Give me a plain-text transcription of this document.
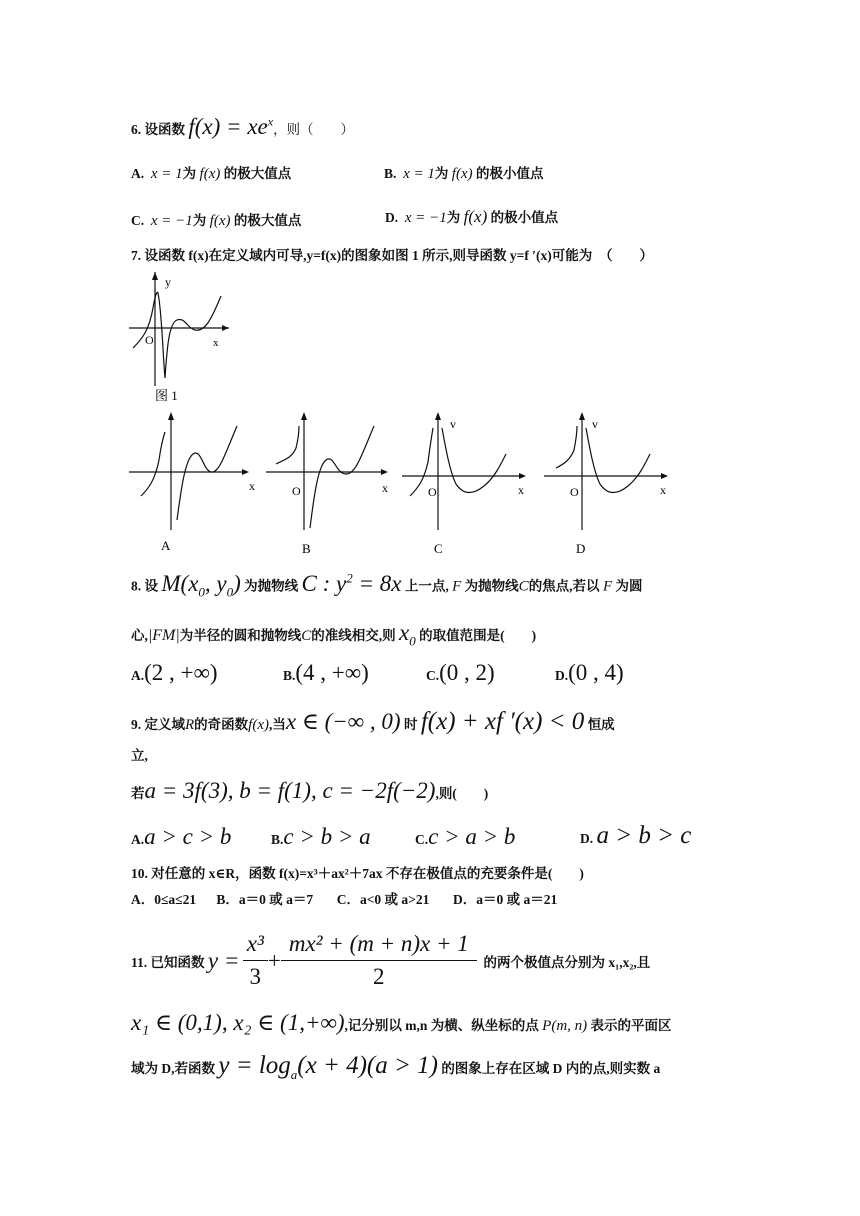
6. 设函数 $f(x) = xe^x$，则（　　）
A. x = 1为 f(x) 的极大值点	B. x = 1为 f(x) 的极小值点
C. x = −1为 f(x) 的极大值点	D. x = −1为 f(x) 的极小值点
7. 设函数 f(x)在定义域内可导,y=f(x)的图象如图 1 所示,则导函数 y=f ′(x)可能为　（　　）
y
O	x
图 1
x
A
O	x
B
v
O	x
C
v
O	x
D
8. 设 $M(x_0$, $y_0$) 为抛物线 C : $y^2 = 8x$ 上一点, F 为抛物线C的焦点,若以 F 为圆
心,|FM|为半径的圆和抛物线C的准线相交,则 $x_0$ 的取值范围是(　　)
A.(2 , +∞)	B.(4 , +∞)	C.(0 , 2)	D.(0 , 4)
9. 定义域R的奇函数f(x),当x ∈ (−∞ , 0) 时 f(x) + xf ′(x) < 0 恒成
立,
若a = 3f(3), b = f(1), c = −2f(−2),则(　　)
A.a > c > b	B.c > b > a	C.c > a > b	D. a > b > c
10. 对任意的 x∈R，函数 f(x)=x³＋ax²＋7ax 不存在极值点的充要条件是(　　)
A．0≤a≤21 B．a＝0 或 a＝7 C．a<0 或 a>21 D．a＝0 或 a＝21
11. 已知函数
y =
$\frac{\text{x³}}{3} + \frac{\text{mx² + (m + n)x + 1}}{2}$
的两个极值点分别为 x₁,x₂,且
x₁ ∈ (0,1), x₂ ∈ (1,+∞),记分别以 m,n 为横、纵坐标的点 P(m, n) 表示的平面区
域为 D,若函数 $y = \log_a(x + 4)(a > 1)$ 的图象上存在区域 D 内的点,则实数 a
